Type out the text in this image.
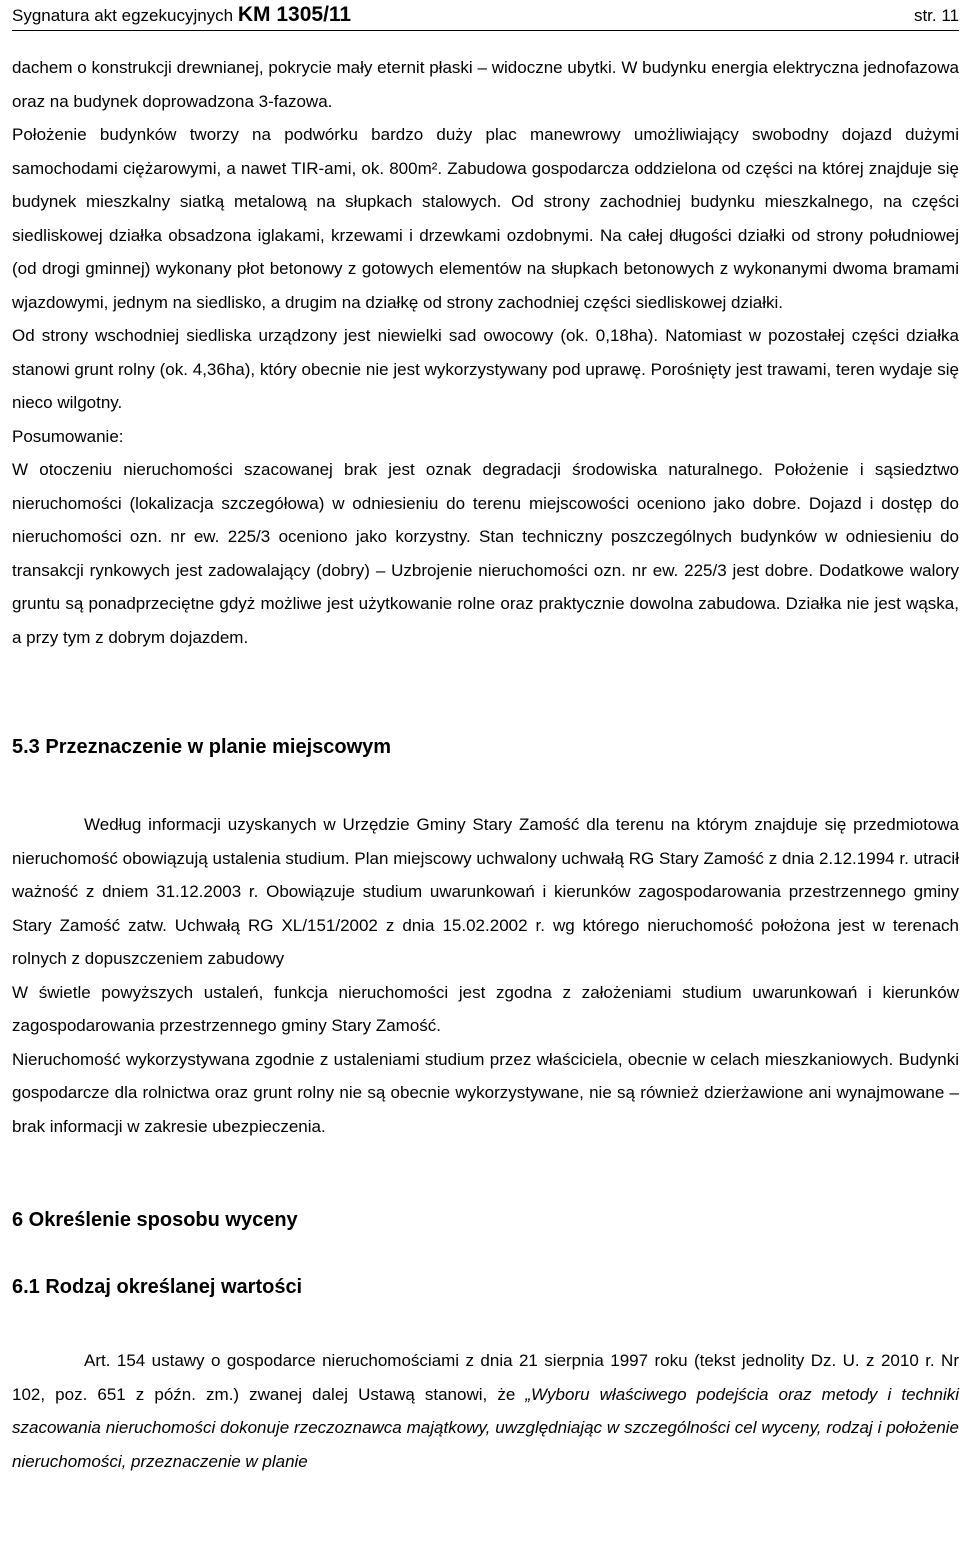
Sygnatura akt egzekucyjnych KM 1305/11	str. 11

dachem o konstrukcji drewnianej, pokrycie mały eternit płaski – widoczne ubytki. W budynku energia elektryczna jednofazowa oraz na budynek doprowadzona 3-fazowa.

Położenie budynków tworzy na podwórku bardzo duży plac manewrowy umożliwiający swobodny dojazd dużymi samochodami ciężarowymi, a nawet TIR-ami, ok. 800m². Zabudowa gospodarcza oddzielona od części na której znajduje się budynek mieszkalny siatką metalową na słupkach stalowych. Od strony zachodniej budynku mieszkalnego, na części siedliskowej działka obsadzona iglakami, krzewami i drzewkami ozdobnymi. Na całej długości działki od strony południowej (od drogi gminnej) wykonany płot betonowy z gotowych elementów na słupkach betonowych z wykonanymi dwoma bramami wjazdowymi, jednym na siedlisko, a drugim na działkę od strony zachodniej części siedliskowej działki.

Od strony wschodniej siedliska urządzony jest niewielki sad owocowy (ok. 0,18ha). Natomiast w pozostałej części działka stanowi grunt rolny (ok. 4,36ha), który obecnie nie jest wykorzystywany pod uprawę. Porośnięty jest trawami, teren wydaje się nieco wilgotny.

Posumowanie:

W otoczeniu nieruchomości szacowanej brak jest oznak degradacji środowiska naturalnego. Położenie i sąsiedztwo nieruchomości (lokalizacja szczegółowa) w odniesieniu do terenu miejscowości oceniono jako dobre. Dojazd i dostęp do nieruchomości ozn. nr ew. 225/3 oceniono jako korzystny. Stan techniczny poszczególnych budynków w odniesieniu do transakcji rynkowych jest zadowalający (dobry) – Uzbrojenie nieruchomości ozn. nr ew. 225/3 jest dobre. Dodatkowe walory gruntu są ponadprzeciętne gdyż możliwe jest użytkowanie rolne oraz praktycznie dowolna zabudowa. Działka nie jest wąska, a przy tym z dobrym dojazdem.

5.3 Przeznaczenie w planie miejscowym

Według informacji uzyskanych w Urzędzie Gminy Stary Zamość dla terenu na którym znajduje się przedmiotowa nieruchomość obowiązują ustalenia studium. Plan miejscowy uchwalony uchwałą RG Stary Zamość z dnia 2.12.1994 r. utracił ważność z dniem 31.12.2003 r. Obowiązuje studium uwarunkowań i kierunków zagospodarowania przestrzennego gminy Stary Zamość zatw. Uchwałą RG XL/151/2002 z dnia 15.02.2002 r. wg którego nieruchomość położona jest w terenach rolnych z dopuszczeniem zabudowy

W świetle powyższych ustaleń, funkcja nieruchomości jest zgodna z założeniami studium uwarunkowań i kierunków zagospodarowania przestrzennego gminy Stary Zamość.

Nieruchomość wykorzystywana zgodnie z ustaleniami studium przez właściciela, obecnie w celach mieszkaniowych. Budynki gospodarcze dla rolnictwa oraz grunt rolny nie są obecnie wykorzystywane, nie są również dzierżawione ani wynajmowane – brak informacji w zakresie ubezpieczenia.

6 Określenie sposobu wyceny
6.1 Rodzaj określanej wartości

Art. 154 ustawy o gospodarce nieruchomościami z dnia 21 sierpnia 1997 roku (tekst jednolity Dz. U. z 2010 r. Nr 102, poz. 651 z późn. zm.) zwanej dalej Ustawą stanowi, że „Wyboru właściwego podejścia oraz metody i techniki szacowania nieruchomości dokonuje rzeczoznawca majątkowy, uwzględniając w szczególności cel wyceny, rodzaj i położenie nieruchomości, przeznaczenie w planie
